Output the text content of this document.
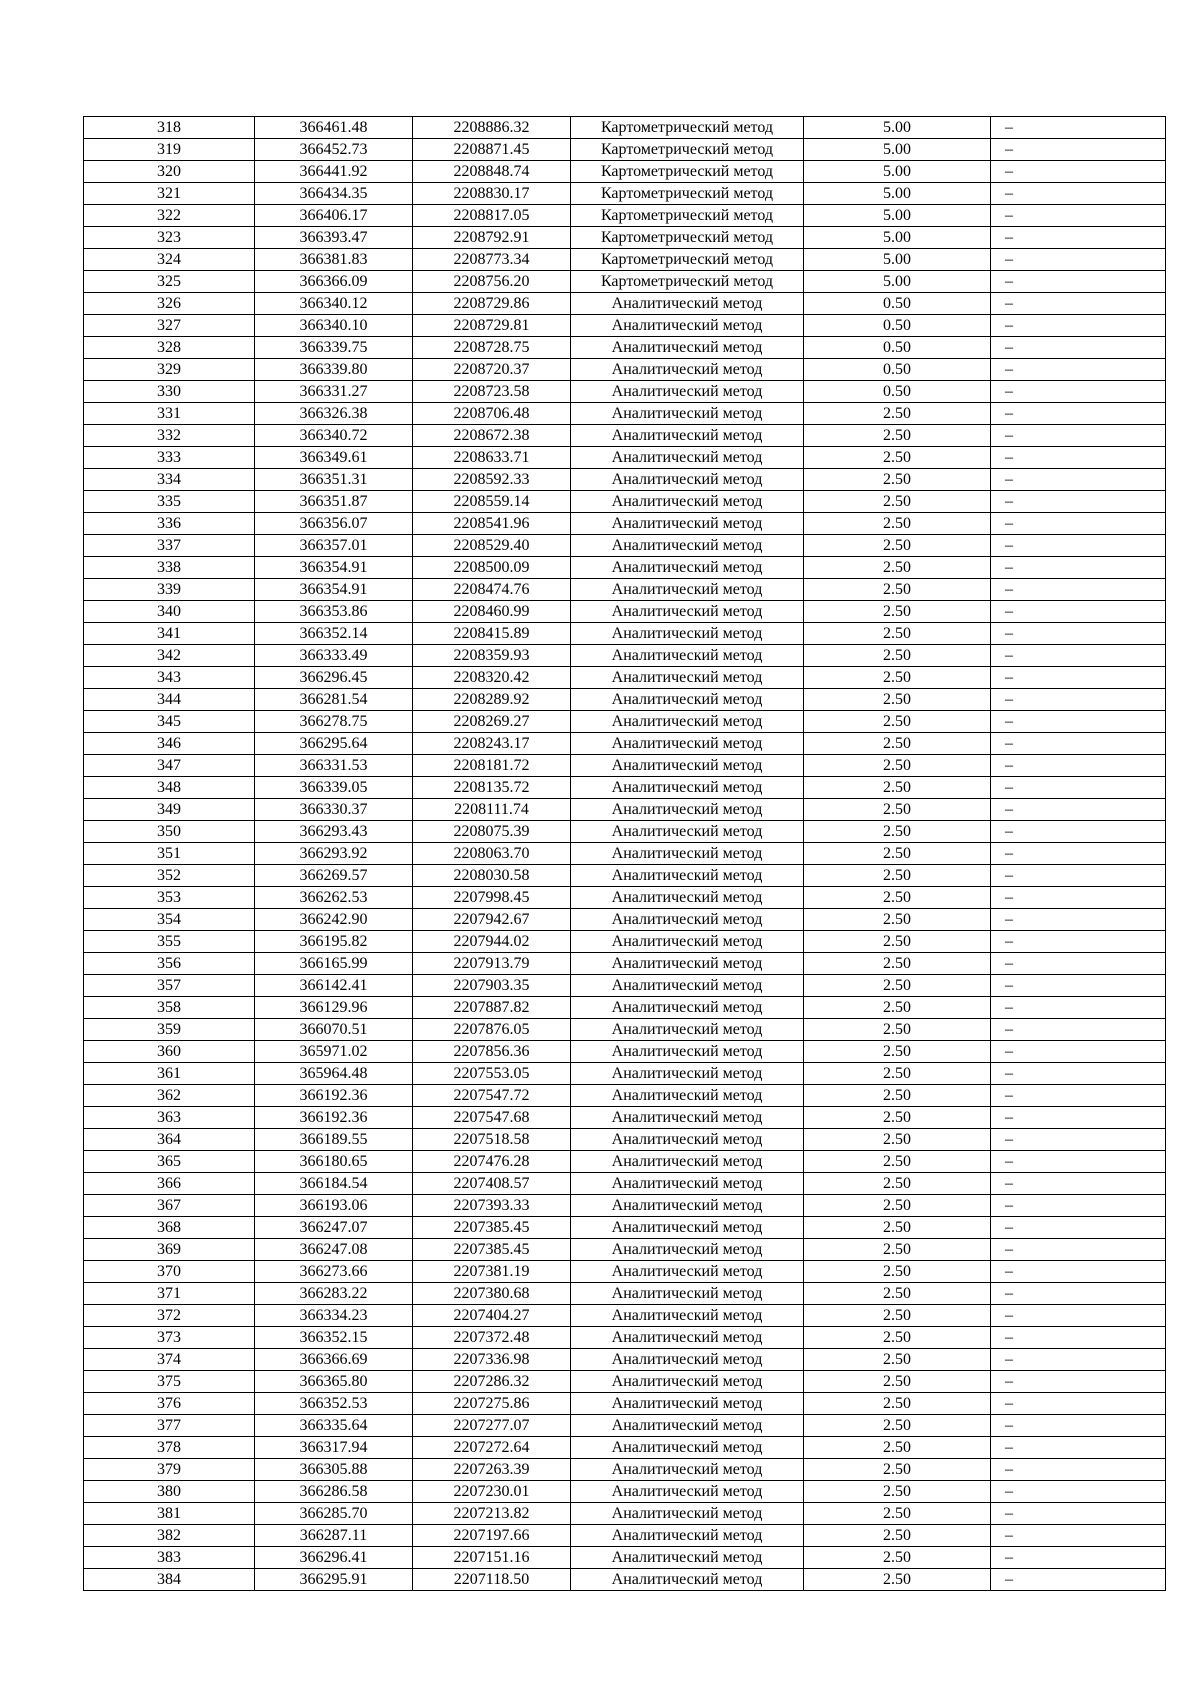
318	366461.48	2208886.32	Картометрический метод	5.00	–
319	366452.73	2208871.45	Картометрический метод	5.00	–
320	366441.92	2208848.74	Картометрический метод	5.00	–
321	366434.35	2208830.17	Картометрический метод	5.00	–
322	366406.17	2208817.05	Картометрический метод	5.00	–
323	366393.47	2208792.91	Картометрический метод	5.00	–
324	366381.83	2208773.34	Картометрический метод	5.00	–
325	366366.09	2208756.20	Картометрический метод	5.00	–
326	366340.12	2208729.86	Аналитический метод	0.50	–
327	366340.10	2208729.81	Аналитический метод	0.50	–
328	366339.75	2208728.75	Аналитический метод	0.50	–
329	366339.80	2208720.37	Аналитический метод	0.50	–
330	366331.27	2208723.58	Аналитический метод	0.50	–
331	366326.38	2208706.48	Аналитический метод	2.50	–
332	366340.72	2208672.38	Аналитический метод	2.50	–
333	366349.61	2208633.71	Аналитический метод	2.50	–
334	366351.31	2208592.33	Аналитический метод	2.50	–
335	366351.87	2208559.14	Аналитический метод	2.50	–
336	366356.07	2208541.96	Аналитический метод	2.50	–
337	366357.01	2208529.40	Аналитический метод	2.50	–
338	366354.91	2208500.09	Аналитический метод	2.50	–
339	366354.91	2208474.76	Аналитический метод	2.50	–
340	366353.86	2208460.99	Аналитический метод	2.50	–
341	366352.14	2208415.89	Аналитический метод	2.50	–
342	366333.49	2208359.93	Аналитический метод	2.50	–
343	366296.45	2208320.42	Аналитический метод	2.50	–
344	366281.54	2208289.92	Аналитический метод	2.50	–
345	366278.75	2208269.27	Аналитический метод	2.50	–
346	366295.64	2208243.17	Аналитический метод	2.50	–
347	366331.53	2208181.72	Аналитический метод	2.50	–
348	366339.05	2208135.72	Аналитический метод	2.50	–
349	366330.37	2208111.74	Аналитический метод	2.50	–
350	366293.43	2208075.39	Аналитический метод	2.50	–
351	366293.92	2208063.70	Аналитический метод	2.50	–
352	366269.57	2208030.58	Аналитический метод	2.50	–
353	366262.53	2207998.45	Аналитический метод	2.50	–
354	366242.90	2207942.67	Аналитический метод	2.50	–
355	366195.82	2207944.02	Аналитический метод	2.50	–
356	366165.99	2207913.79	Аналитический метод	2.50	–
357	366142.41	2207903.35	Аналитический метод	2.50	–
358	366129.96	2207887.82	Аналитический метод	2.50	–
359	366070.51	2207876.05	Аналитический метод	2.50	–
360	365971.02	2207856.36	Аналитический метод	2.50	–
361	365964.48	2207553.05	Аналитический метод	2.50	–
362	366192.36	2207547.72	Аналитический метод	2.50	–
363	366192.36	2207547.68	Аналитический метод	2.50	–
364	366189.55	2207518.58	Аналитический метод	2.50	–
365	366180.65	2207476.28	Аналитический метод	2.50	–
366	366184.54	2207408.57	Аналитический метод	2.50	–
367	366193.06	2207393.33	Аналитический метод	2.50	–
368	366247.07	2207385.45	Аналитический метод	2.50	–
369	366247.08	2207385.45	Аналитический метод	2.50	–
370	366273.66	2207381.19	Аналитический метод	2.50	–
371	366283.22	2207380.68	Аналитический метод	2.50	–
372	366334.23	2207404.27	Аналитический метод	2.50	–
373	366352.15	2207372.48	Аналитический метод	2.50	–
374	366366.69	2207336.98	Аналитический метод	2.50	–
375	366365.80	2207286.32	Аналитический метод	2.50	–
376	366352.53	2207275.86	Аналитический метод	2.50	–
377	366335.64	2207277.07	Аналитический метод	2.50	–
378	366317.94	2207272.64	Аналитический метод	2.50	–
379	366305.88	2207263.39	Аналитический метод	2.50	–
380	366286.58	2207230.01	Аналитический метод	2.50	–
381	366285.70	2207213.82	Аналитический метод	2.50	–
382	366287.11	2207197.66	Аналитический метод	2.50	–
383	366296.41	2207151.16	Аналитический метод	2.50	–
384	366295.91	2207118.50	Аналитический метод	2.50	–
